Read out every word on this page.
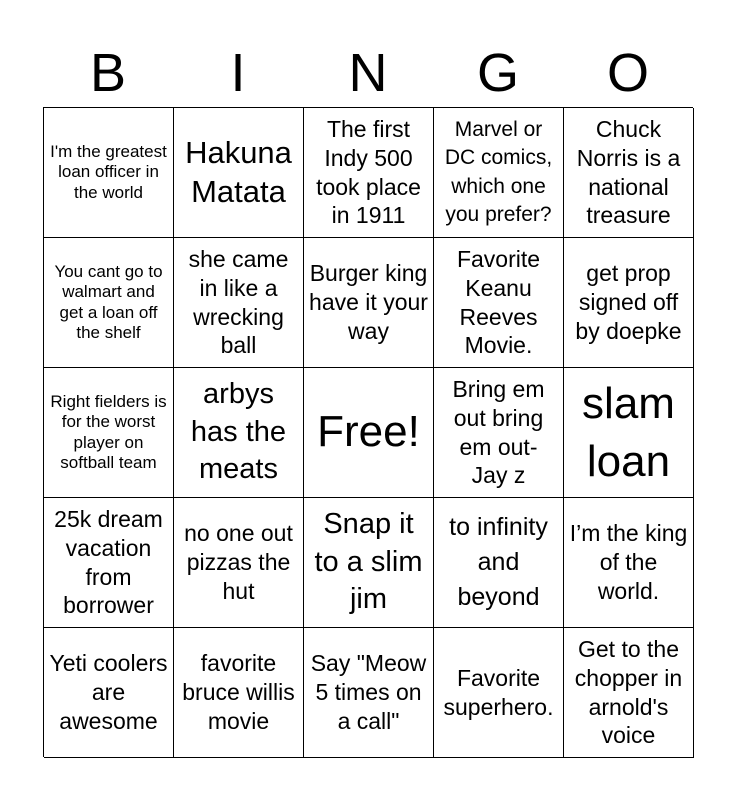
B	I	N	G	O
I'm the greatest loan officer in the world
Hakuna Matata
The first Indy 500 took place in 1911
Marvel or DC comics, which one you prefer?
Chuck Norris is a national treasure
You cant go to walmart and get a loan off the shelf
she came in like a wrecking ball
Burger king have it your way
Favorite Keanu Reeves Movie.
get prop signed off by doepke
Right fielders is for the worst player on softball team
arbys has the meats
Free!
Bring em out bring em out- Jay z
slam loan
25k dream vacation from borrower
no one out pizzas the hut
Snap it to a slim jim
to infinity and beyond
I’m the king of the world.
Yeti coolers are awesome
favorite bruce willis movie
Say "Meow 5 times on a call"
Favorite superhero.
Get to the chopper in arnold's voice
